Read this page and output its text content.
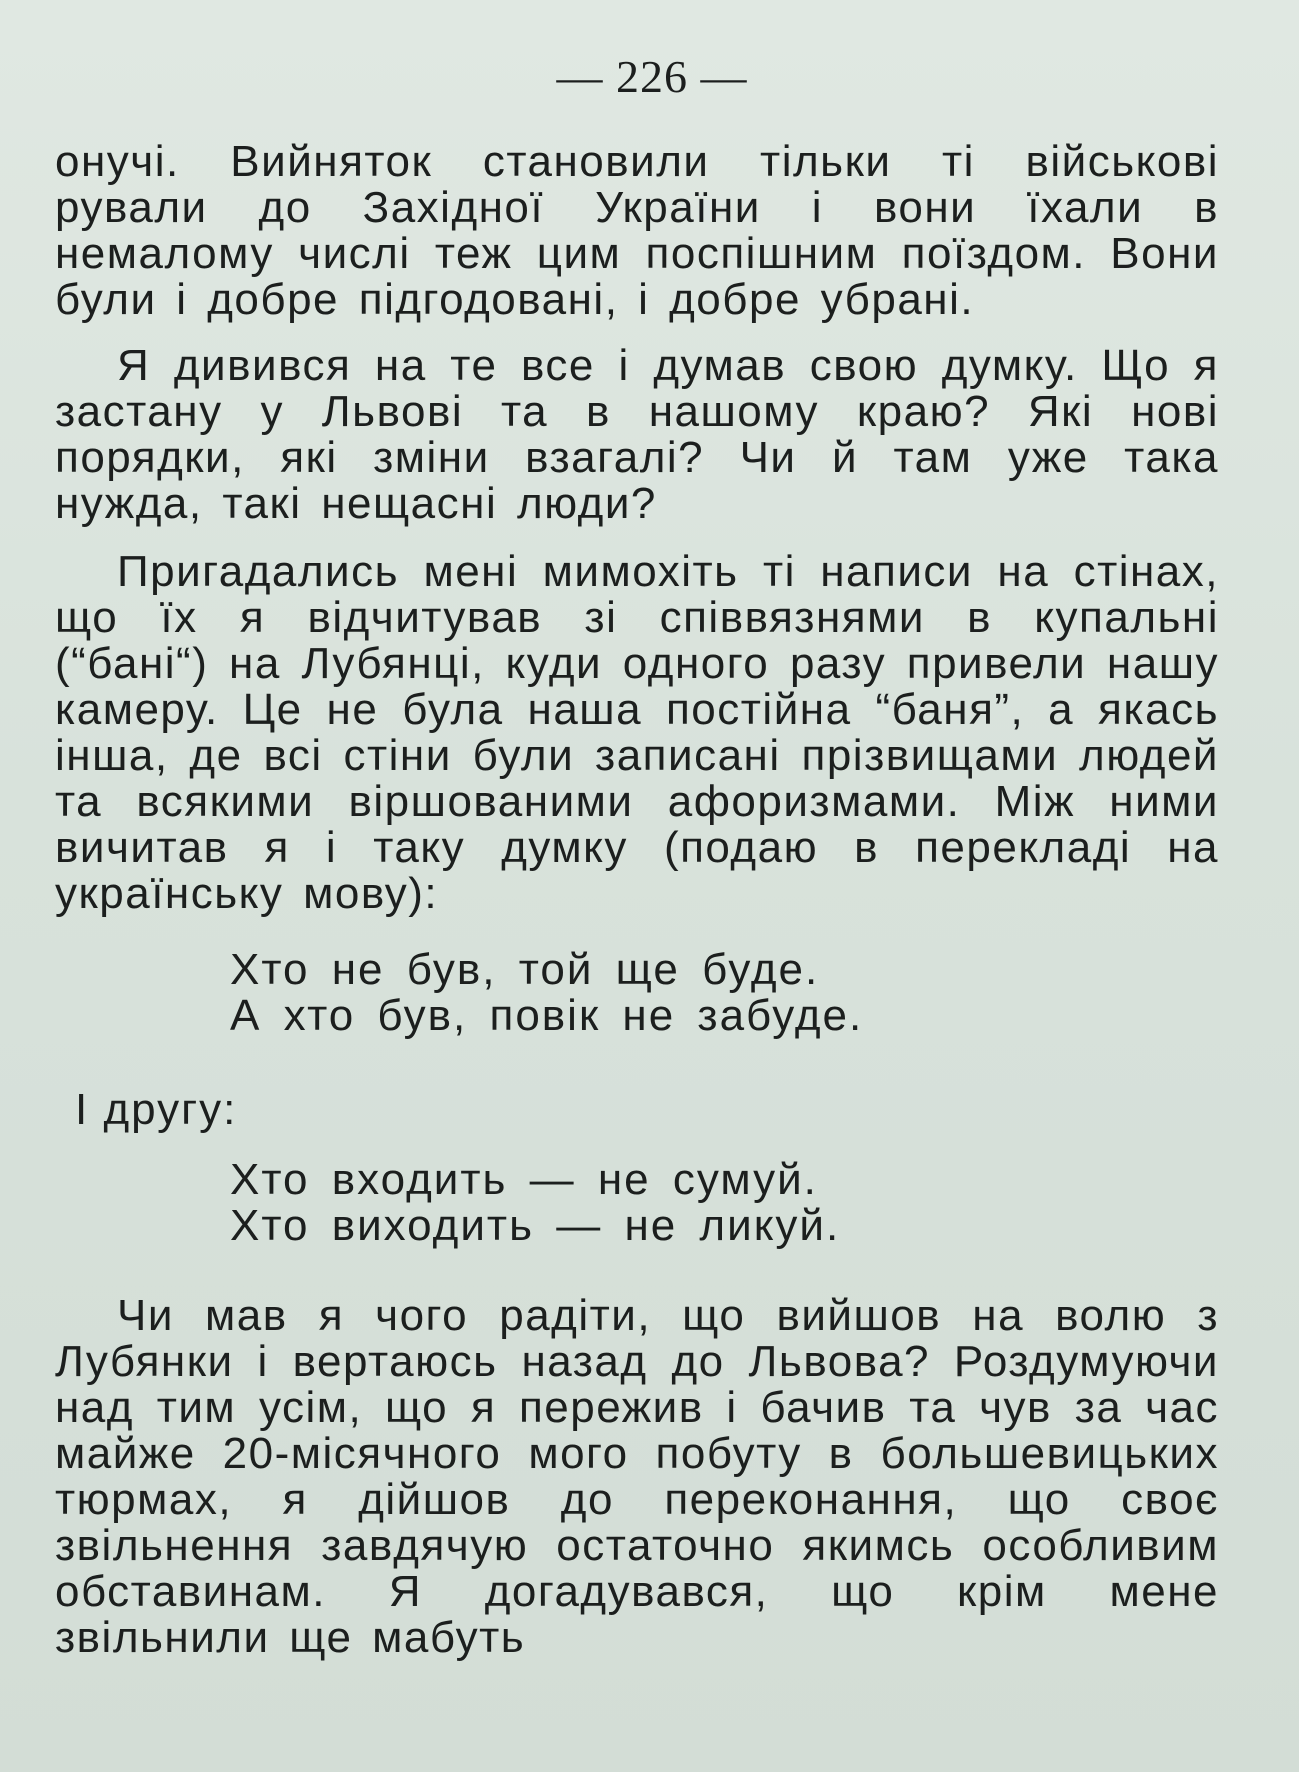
— 226 —

онучі. Вийняток становили тільки ті військові рували до Західної України і вони їхали в немалому числі теж цим поспішним поїздом. Вони були і добре підгодовані, і добре убрані.

Я дивився на те все і думав свою думку. Що я застану у Львові та в нашому краю? Які нові порядки, які зміни взагалі? Чи й там уже така нужда, такі нещасні люди?

Пригадались мені мимохіть ті написи на стінах, що їх я відчитував зі співвязнями в купальні (“бані“) на Лубянці, куди одного разу привели нашу камеру. Це не була наша постійна “баня”, а якась інша, де всі стіни були записані прізвищами людей та всякими віршованими афоризмами. Між ними вичитав я і таку думку (подаю в перекладі на українську мову):

Хто не був, той ще буде.
А хто був, повік не забуде.
І другу:
Хто входить — не сумуй.
Хто виходить — не ликуй.

Чи мав я чого радіти, що вийшов на волю з Лубянки і вертаюсь назад до Львова? Роздумуючи над тим усім, що я пережив і бачив та чув за час майже 20-місячного мого побуту в большевицьких тюрмах, я дійшов до переконання, що своє звільнення завдячую остаточно якимсь особливим обставинам. Я догадувався, що крім мене звільнили ще мабуть
